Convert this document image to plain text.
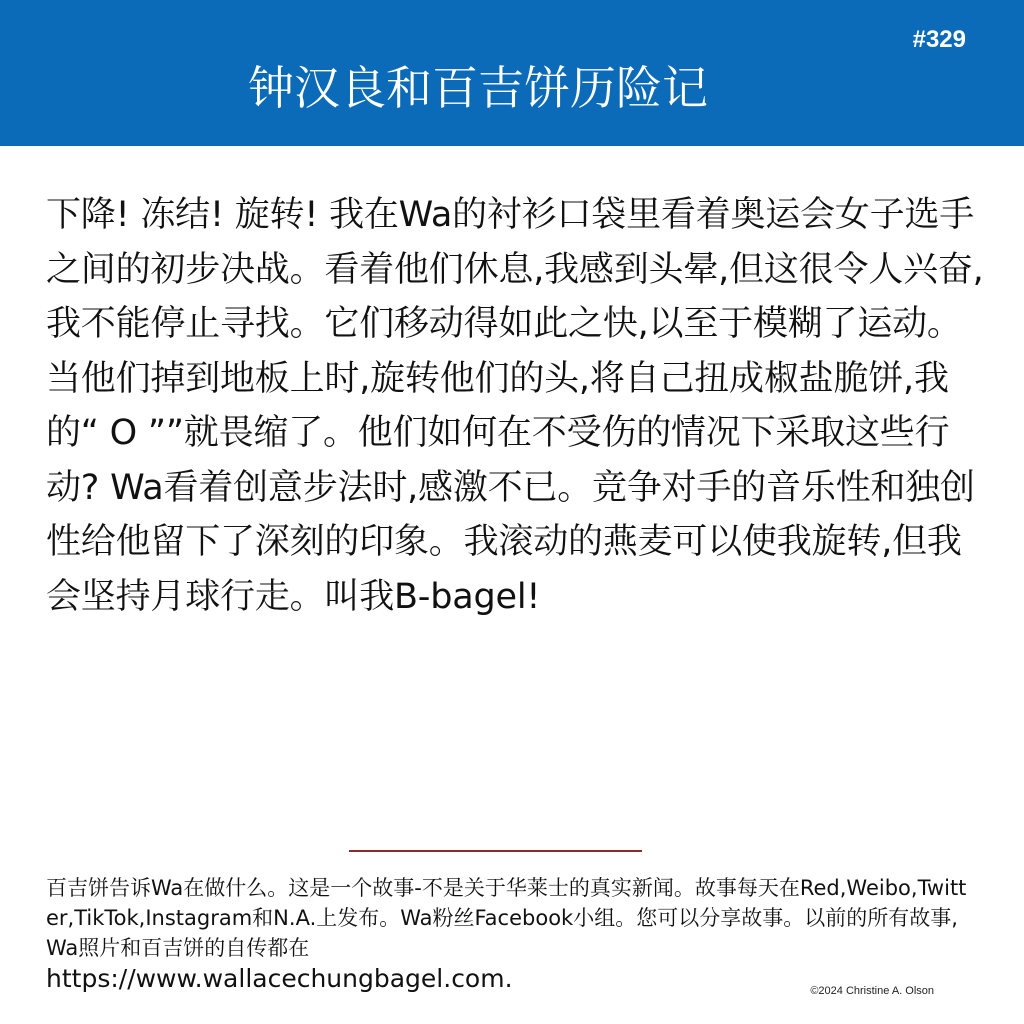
#329
钟汉良和百吉饼历险记
下降! 冻结! 旋转! 我在Wa的衬衫口袋里看着奥运会女子选手之间的初步决战。看着他们休息,我感到头晕,但这很令人兴奋,我不能停止寻找。它们移动得如此之快,以至于模糊了运动。当他们掉到地板上时,旋转他们的头,将自己扭成椒盐脆饼,我的“ O ””就畏缩了。他们如何在不受伤的情况下采取这些行动? Wa看着创意步法时,感激不已。竞争对手的音乐性和独创性给他留下了深刻的印象。我滚动的燕麦可以使我旋转,但我会坚持月球行走。叫我B-bagel!
百吉饼告诉Wa在做什么。这是一个故事-不是关于华莱士的真实新闻。故事每天在Red,Weibo,Twitter,TikTok,Instagram和N.A.上发布。Wa粉丝Facebook小组。您可以分享故事。以前的所有故事,Wa照片和百吉饼的自传都在
https://www.wallacechungbagel.com.	©2024 Christine A. Olson
